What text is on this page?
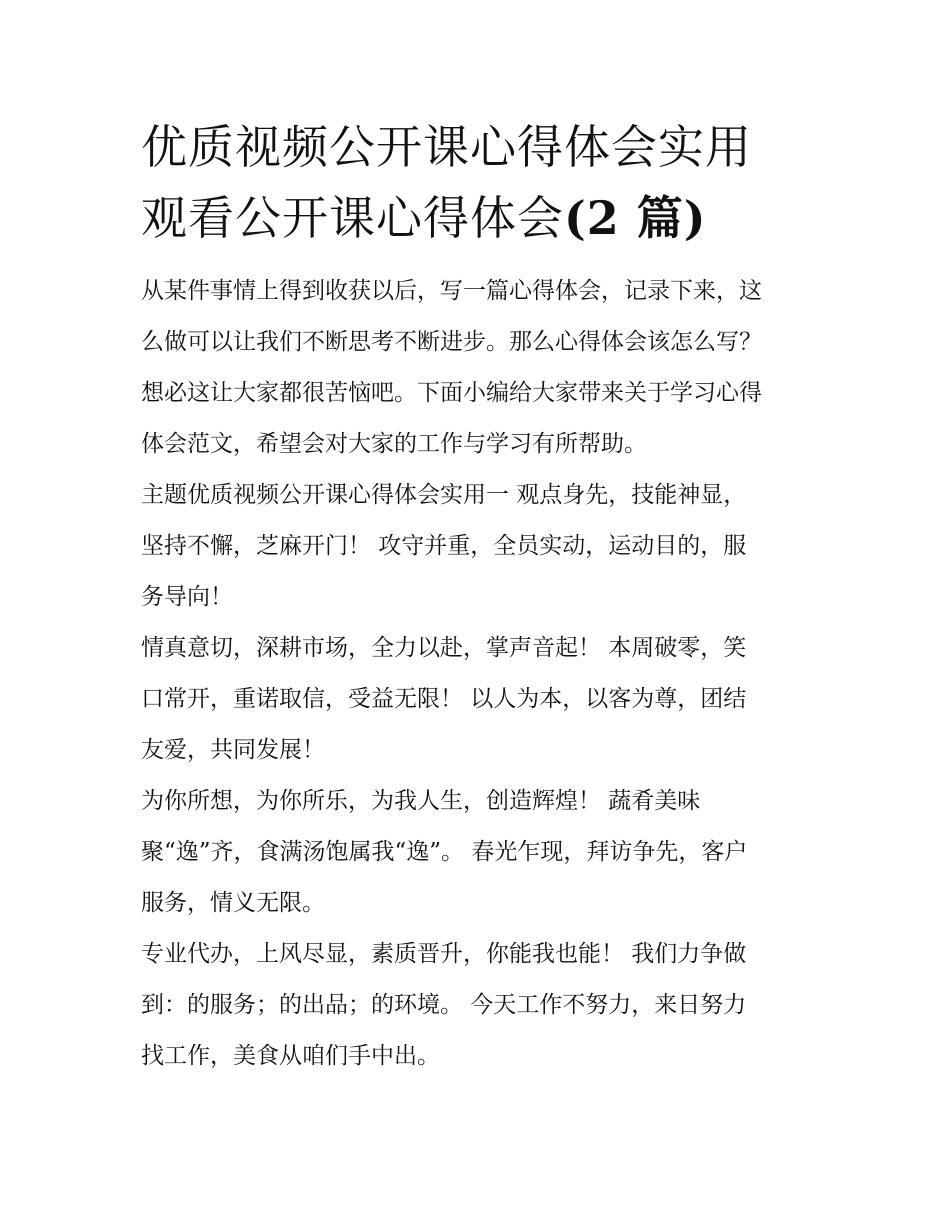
优质视频公开课心得体会实用
观看公开课心得体会(2 篇)

从某件事情上得到收获以后，写一篇心得体会，记录下来，这
么做可以让我们不断思考不断进步。那么心得体会该怎么写？
想必这让大家都很苦恼吧。下面小编给大家带来关于学习心得
体会范文，希望会对大家的工作与学习有所帮助。

主题优质视频公开课心得体会实用一 观点身先，技能神显，
坚持不懈，芝麻开门！ 攻守并重，全员实动，运动目的，服
务导向！

情真意切，深耕市场，全力以赴，掌声音起！ 本周破零，笑
口常开，重诺取信，受益无限！ 以人为本，以客为尊，团结
友爱，共同发展！

为你所想，为你所乐，为我人生，创造辉煌！ 蔬肴美味
聚“逸”齐，食满汤饱属我“逸”。 春光乍现，拜访争先，客户
服务，情义无限。

专业代办，上风尽显，素质晋升，你能我也能！ 我们力争做
到：的服务；的出品；的环境。 今天工作不努力，来日努力
找工作，美食从咱们手中出。
